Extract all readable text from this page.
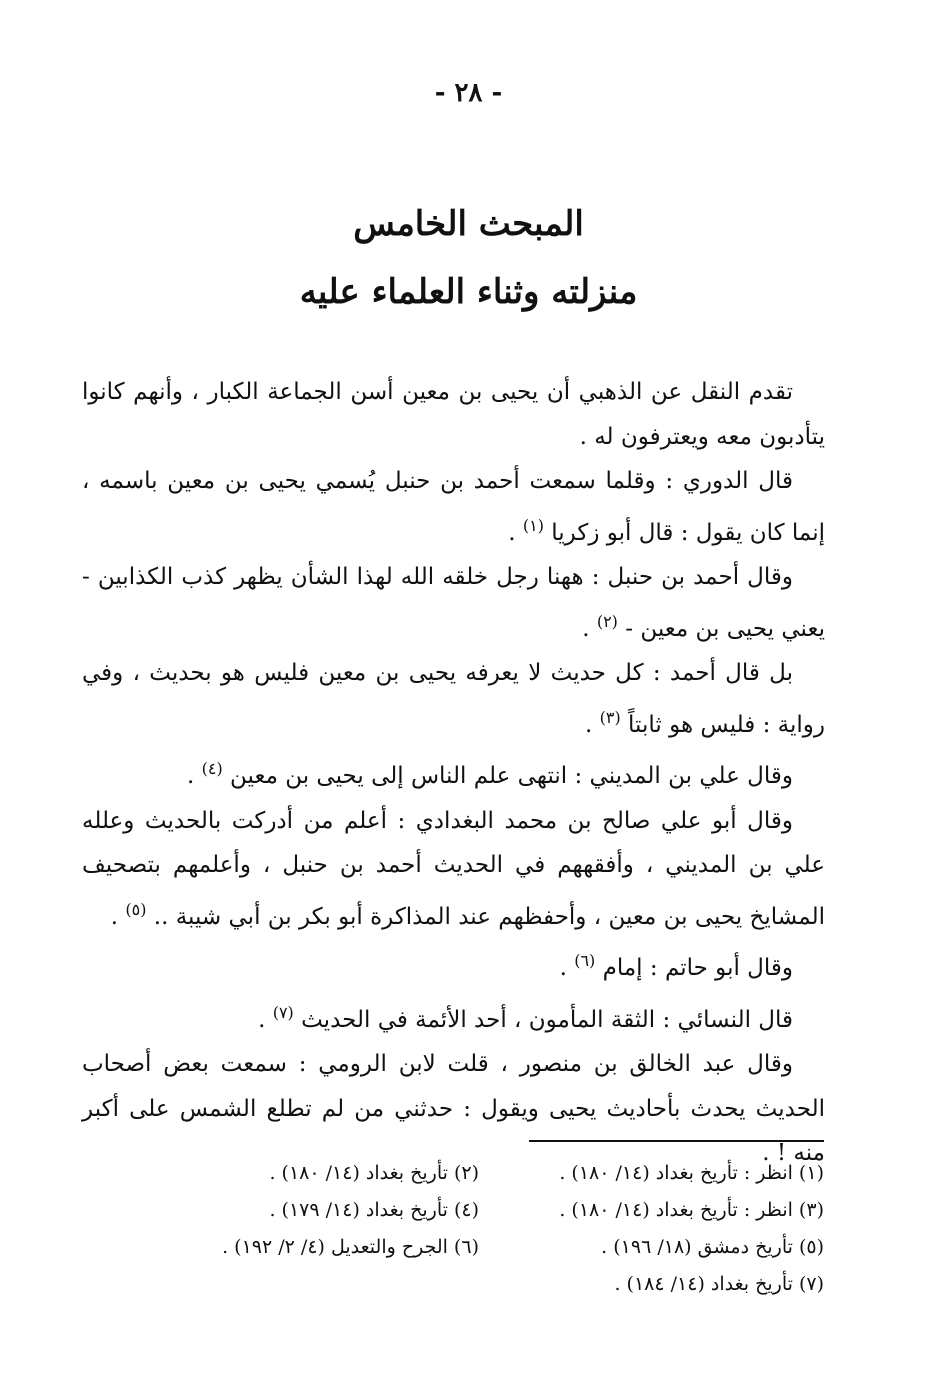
- ٢٨ -
المبحث الخامس
منزلته وثناء العلماء عليه

تقدم النقل عن الذهبي أن يحيى بن معين أسن الجماعة الكبار ، وأنهم كانوا يتأدبون معه ويعترفون له .

قال الدوري : وقلما سمعت أحمد بن حنبل يُسمي يحيى بن معين باسمه ، إنما كان يقول : قال أبو زكريا $^{(١)}$ .

وقال أحمد بن حنبل : ههنا رجل خلقه الله لهذا الشأن يظهر كذب الكذابين - يعني يحيى بن معين - $^{(٢)}$ .

بل قال أحمد : كل حديث لا يعرفه يحيى بن معين فليس هو بحديث ، وفي رواية : فليس هو ثابتاً $^{(٣)}$ .

وقال علي بن المديني : انتهى علم الناس إلى يحيى بن معين $^{(٤)}$ .

وقال أبو علي صالح بن محمد البغدادي : أعلم من أدركت بالحديث وعلله علي بن المديني ، وأفقههم في الحديث أحمد بن حنبل ، وأعلمهم بتصحيف المشايخ يحيى بن معين ، وأحفظهم عند المذاكرة أبو بكر بن أبي شيبة .. $^{(٥)}$ .

وقال أبو حاتم : إمام $^{(٦)}$ .

قال النسائي : الثقة المأمون ، أحد الأئمة في الحديث $^{(٧)}$ .

وقال عبد الخالق بن منصور ، قلت لابن الرومي : سمعت بعض أصحاب الحديث يحدث بأحاديث يحيى ويقول : حدثني من لم تطلع الشمس على أكبر منه ! .

(١) انظر : تأريخ بغداد (١٤/ ١٨٠) .
(٢) تأريخ بغداد (١٤/ ١٨٠) .
(٣) انظر : تأريخ بغداد (١٤/ ١٨٠) .
(٤) تأريخ بغداد (١٤/ ١٧٩) .
(٥) تأريخ دمشق (١٨/ ١٩٦) .
(٦) الجرح والتعديل (٤/ ٢/ ١٩٢) .
(٧) تأريخ بغداد (١٤/ ١٨٤) .
